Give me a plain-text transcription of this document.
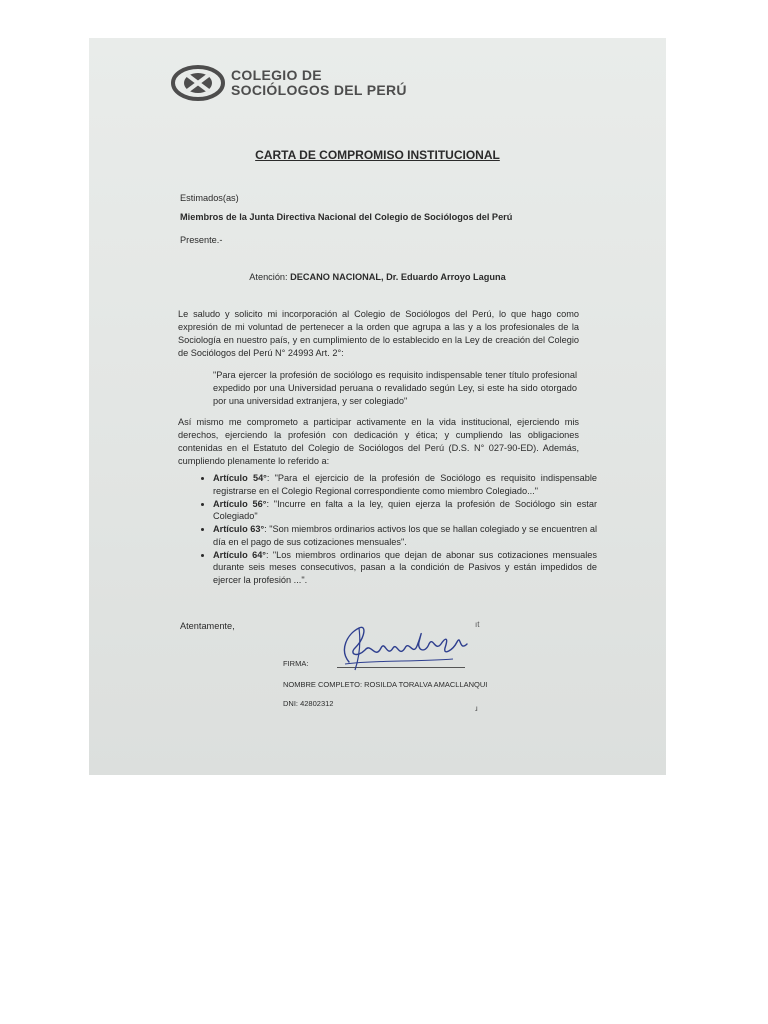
COLEGIO DE
SOCIÓLOGOS DEL PERÚ
CARTA DE COMPROMISO INSTITUCIONAL
Estimados(as)
Miembros de la Junta Directiva Nacional del Colegio de Sociólogos del Perú
Presente.-
Atención: DECANO NACIONAL, Dr. Eduardo Arroyo Laguna
Le saludo y solicito mi incorporación al Colegio de Sociólogos del Perú, lo que hago como expresión de mi voluntad de pertenecer a la orden que agrupa a las y a los profesionales de la Sociología en nuestro país, y en cumplimiento de lo establecido en la Ley de creación del Colegio de Sociólogos del Perú N° 24993 Art. 2°:
"Para ejercer la profesión de sociólogo es requisito indispensable tener título profesional expedido por una Universidad peruana o revalidado según Ley, si este ha sido otorgado por una universidad extranjera, y ser colegiado"
Así mismo me comprometo a participar activamente en la vida institucional, ejerciendo mis derechos, ejerciendo la profesión con dedicación y ética; y cumpliendo las obligaciones contenidas en el Estatuto del Colegio de Sociólogos del Perú (D.S. N° 027-90-ED). Además, cumpliendo plenamente lo referido a:
• Artículo 54°: "Para el ejercicio de la profesión de Sociólogo es requisito indispensable registrarse en el Colegio Regional correspondiente como miembro Colegiado..."
• Artículo 56°: "Incurre en falta a la ley, quien ejerza la profesión de Sociólogo sin estar Colegiado"
• Artículo 63°: "Son miembros ordinarios activos los que se hallan colegiado y se encuentren al día en el pago de sus cotizaciones mensuales".
• Artículo 64°: "Los miembros ordinarios que dejan de abonar sus cotizaciones mensuales durante seis meses consecutivos, pasan a la condición de Pasivos y están impedidos de ejercer la profesión ...".
Atentamente,	ıt
FIRMA:
NOMBRE COMPLETO: ROSILDA TORALVA AMACLLANQUI
DNI: 42802312
ɹ
